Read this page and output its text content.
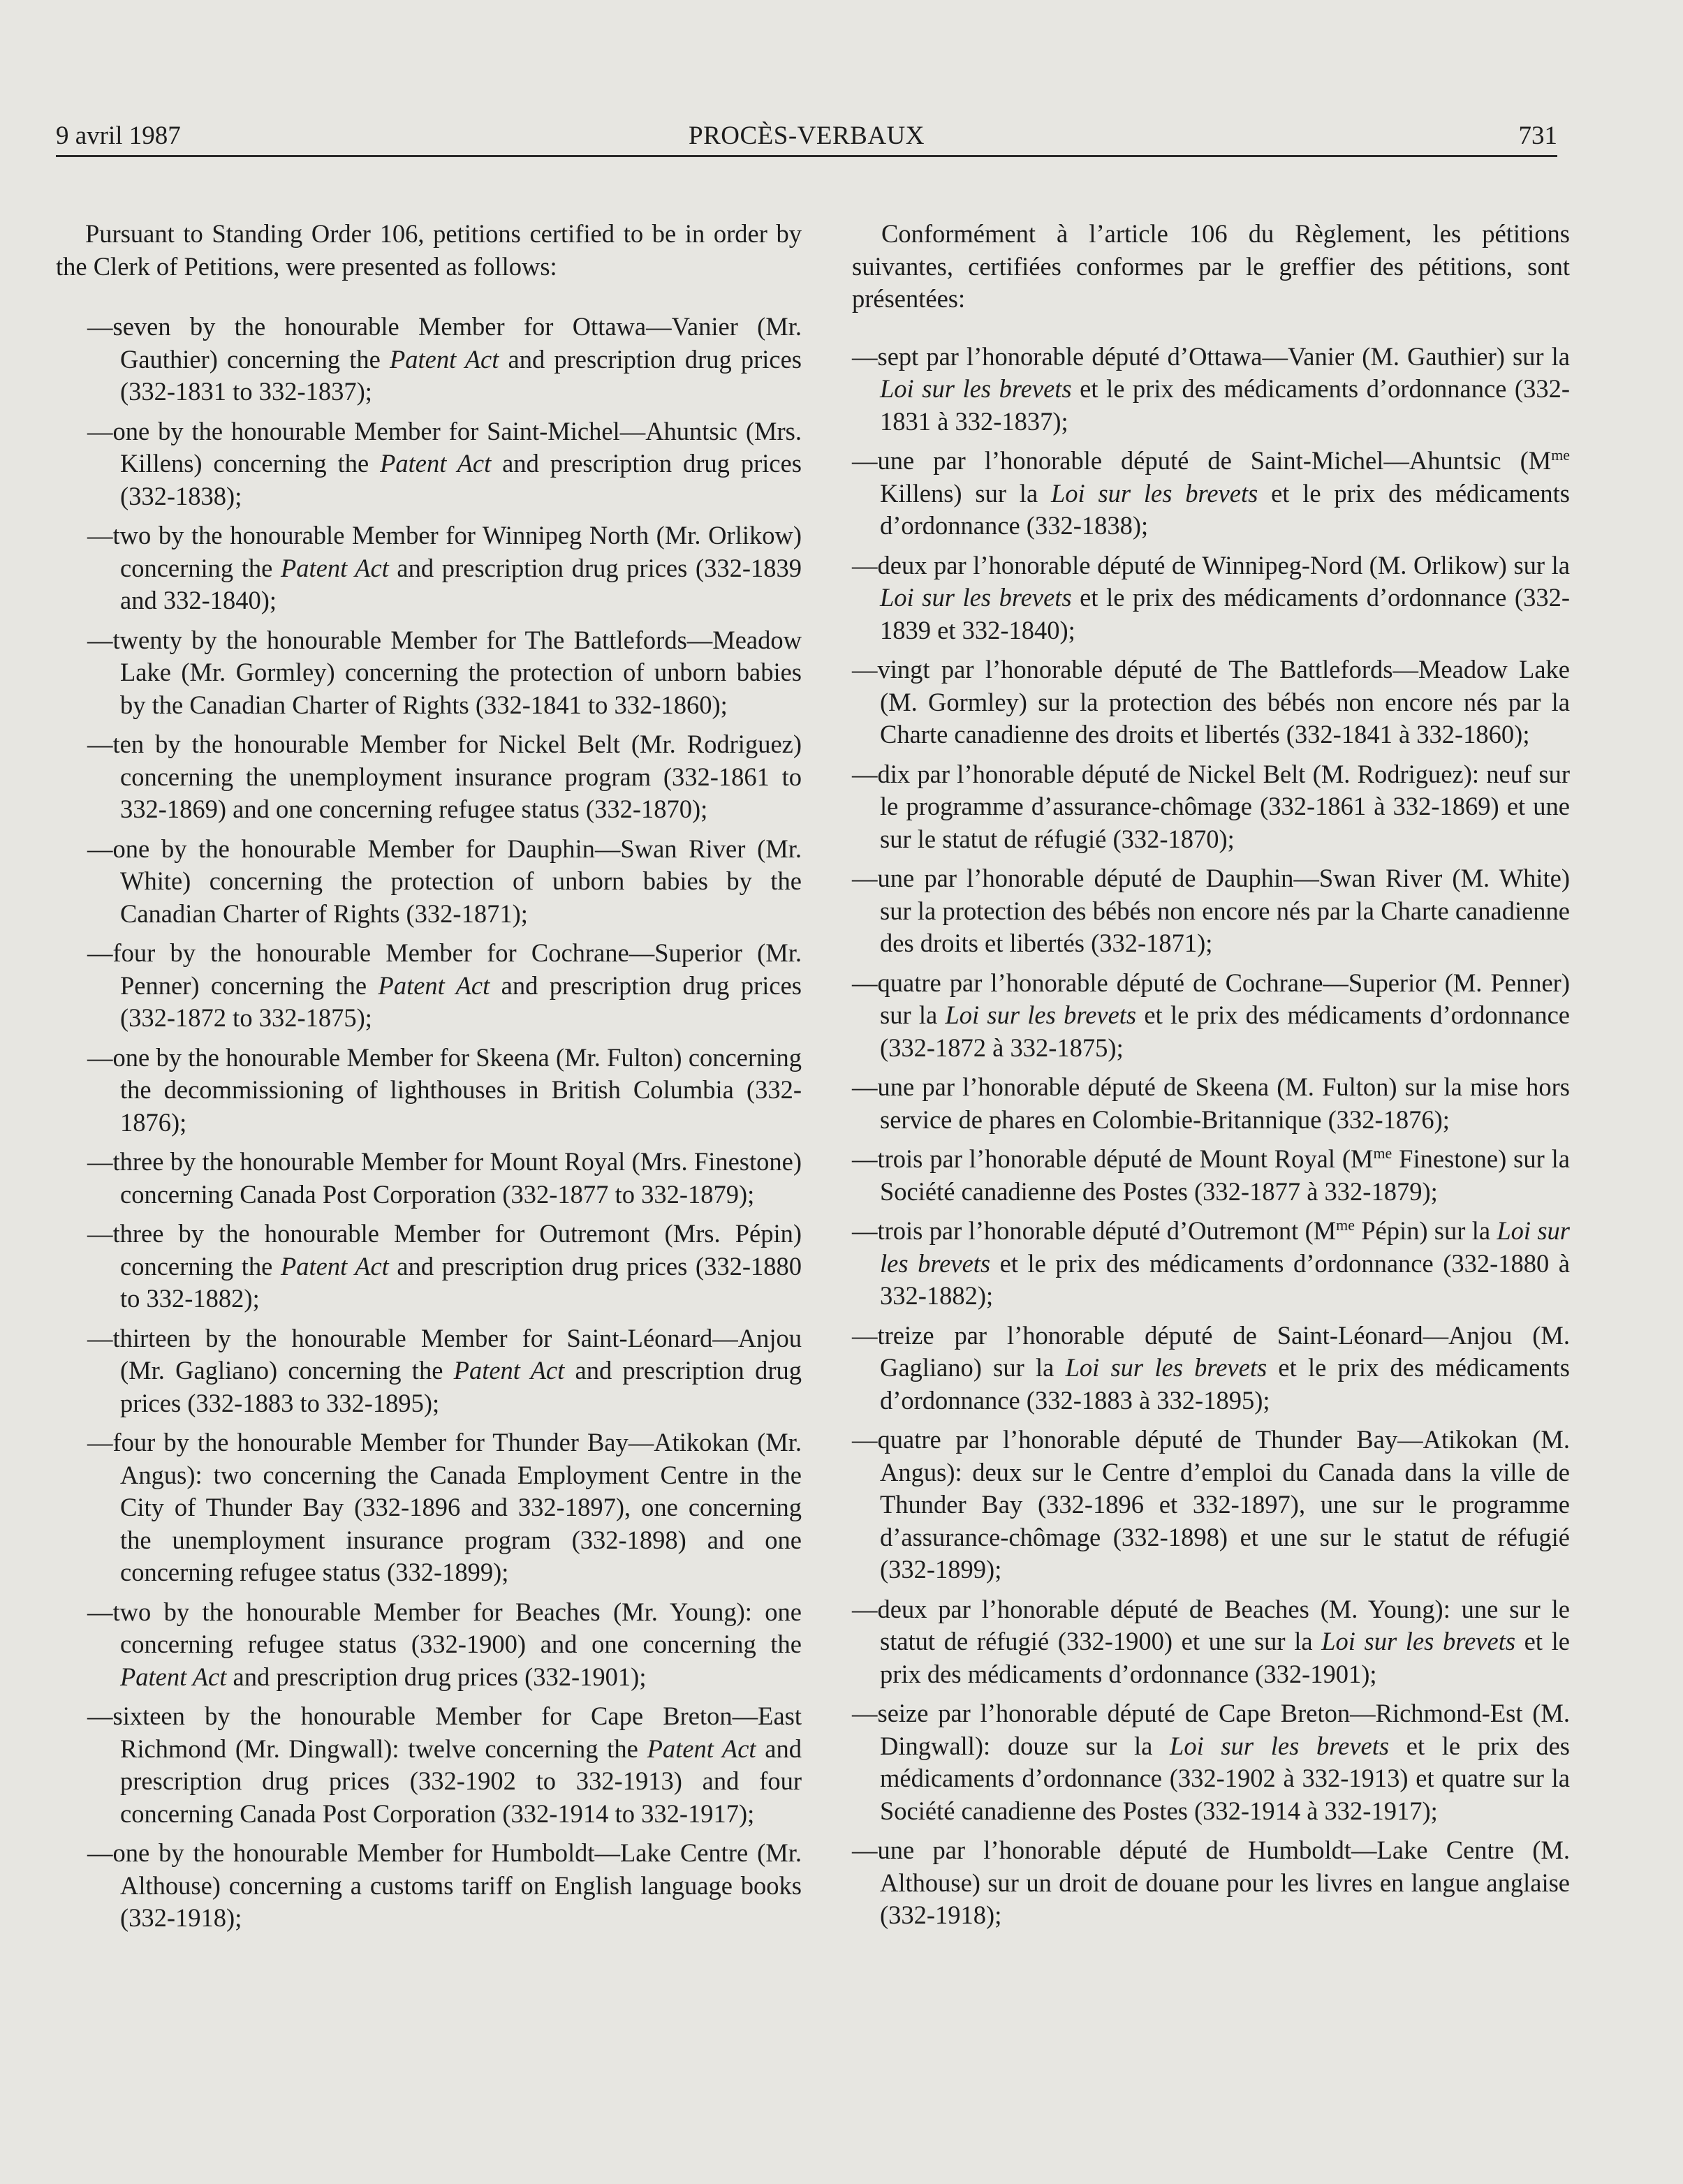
9 avril 1987	PROCÈS-VERBAUX	731

Pursuant to Standing Order 106, petitions certified to be in order by the Clerk of Petitions, were presented as follows:

—seven by the honourable Member for Ottawa—Vanier (Mr. Gauthier) concerning the Patent Act and prescription drug prices (332-1831 to 332-1837);
—one by the honourable Member for Saint-Michel—Ahuntsic (Mrs. Killens) concerning the Patent Act and prescription drug prices (332-1838);
—two by the honourable Member for Winnipeg North (Mr. Orlikow) concerning the Patent Act and prescription drug prices (332-1839 and 332-1840);
—twenty by the honourable Member for The Battlefords—Meadow Lake (Mr. Gormley) concerning the protection of unborn babies by the Canadian Charter of Rights (332-1841 to 332-1860);
—ten by the honourable Member for Nickel Belt (Mr. Rodriguez) concerning the unemployment insurance program (332-1861 to 332-1869) and one concerning refugee status (332-1870);
—one by the honourable Member for Dauphin—Swan River (Mr. White) concerning the protection of unborn babies by the Canadian Charter of Rights (332-1871);
—four by the honourable Member for Cochrane—Superior (Mr. Penner) concerning the Patent Act and prescription drug prices (332-1872 to 332-1875);
—one by the honourable Member for Skeena (Mr. Fulton) concerning the decommissioning of lighthouses in British Columbia (332-1876);
—three by the honourable Member for Mount Royal (Mrs. Finestone) concerning Canada Post Corporation (332-1877 to 332-1879);
—three by the honourable Member for Outremont (Mrs. Pépin) concerning the Patent Act and prescription drug prices (332-1880 to 332-1882);
—thirteen by the honourable Member for Saint-Léonard—Anjou (Mr. Gagliano) concerning the Patent Act and prescription drug prices (332-1883 to 332-1895);
—four by the honourable Member for Thunder Bay—Atikokan (Mr. Angus): two concerning the Canada Employment Centre in the City of Thunder Bay (332-1896 and 332-1897), one concerning the unemployment insurance program (332-1898) and one concerning refugee status (332-1899);
—two by the honourable Member for Beaches (Mr. Young): one concerning refugee status (332-1900) and one concerning the Patent Act and prescription drug prices (332-1901);
—sixteen by the honourable Member for Cape Breton—East Richmond (Mr. Dingwall): twelve concerning the Patent Act and prescription drug prices (332-1902 to 332-1913) and four concerning Canada Post Corporation (332-1914 to 332-1917);
—one by the honourable Member for Humboldt—Lake Centre (Mr. Althouse) concerning a customs tariff on English language books (332-1918);

Conformément à l’article 106 du Règlement, les pétitions suivantes, certifiées conformes par le greffier des pétitions, sont présentées:

—sept par l’honorable député d’Ottawa—Vanier (M. Gauthier) sur la Loi sur les brevets et le prix des médicaments d’ordonnance (332-1831 à 332-1837);
—une par l’honorable député de Saint-Michel—Ahuntsic ($M^{me}$ Killens) sur la Loi sur les brevets et le prix des médicaments d’ordonnance (332-1838);
—deux par l’honorable député de Winnipeg-Nord (M. Orlikow) sur la Loi sur les brevets et le prix des médicaments d’ordonnance (332-1839 et 332-1840);
—vingt par l’honorable député de The Battlefords—Meadow Lake (M. Gormley) sur la protection des bébés non encore nés par la Charte canadienne des droits et libertés (332-1841 à 332-1860);
—dix par l’honorable député de Nickel Belt (M. Rodriguez): neuf sur le programme d’assurance-chômage (332-1861 à 332-1869) et une sur le statut de réfugié (332-1870);
—une par l’honorable député de Dauphin—Swan River (M. White) sur la protection des bébés non encore nés par la Charte canadienne des droits et libertés (332-1871);
—quatre par l’honorable député de Cochrane—Superior (M. Penner) sur la Loi sur les brevets et le prix des médicaments d’ordonnance (332-1872 à 332-1875);
—une par l’honorable député de Skeena (M. Fulton) sur la mise hors service de phares en Colombie-Britannique (332-1876);
—trois par l’honorable député de Mount Royal ($M^{me}$ Finestone) sur la Société canadienne des Postes (332-1877 à 332-1879);
—trois par l’honorable député d’Outremont ($M^{me}$ Pépin) sur la Loi sur les brevets et le prix des médicaments d’ordonnance (332-1880 à 332-1882);
—treize par l’honorable député de Saint-Léonard—Anjou (M. Gagliano) sur la Loi sur les brevets et le prix des médicaments d’ordonnance (332-1883 à 332-1895);
—quatre par l’honorable député de Thunder Bay—Atikokan (M. Angus): deux sur le Centre d’emploi du Canada dans la ville de Thunder Bay (332-1896 et 332-1897), une sur le programme d’assurance-chômage (332-1898) et une sur le statut de réfugié (332-1899);
—deux par l’honorable député de Beaches (M. Young): une sur le statut de réfugié (332-1900) et une sur la Loi sur les brevets et le prix des médicaments d’ordonnance (332-1901);
—seize par l’honorable député de Cape Breton—Richmond-Est (M. Dingwall): douze sur la Loi sur les brevets et le prix des médicaments d’ordonnance (332-1902 à 332-1913) et quatre sur la Société canadienne des Postes (332-1914 à 332-1917);
—une par l’honorable député de Humboldt—Lake Centre (M. Althouse) sur un droit de douane pour les livres en langue anglaise (332-1918);
